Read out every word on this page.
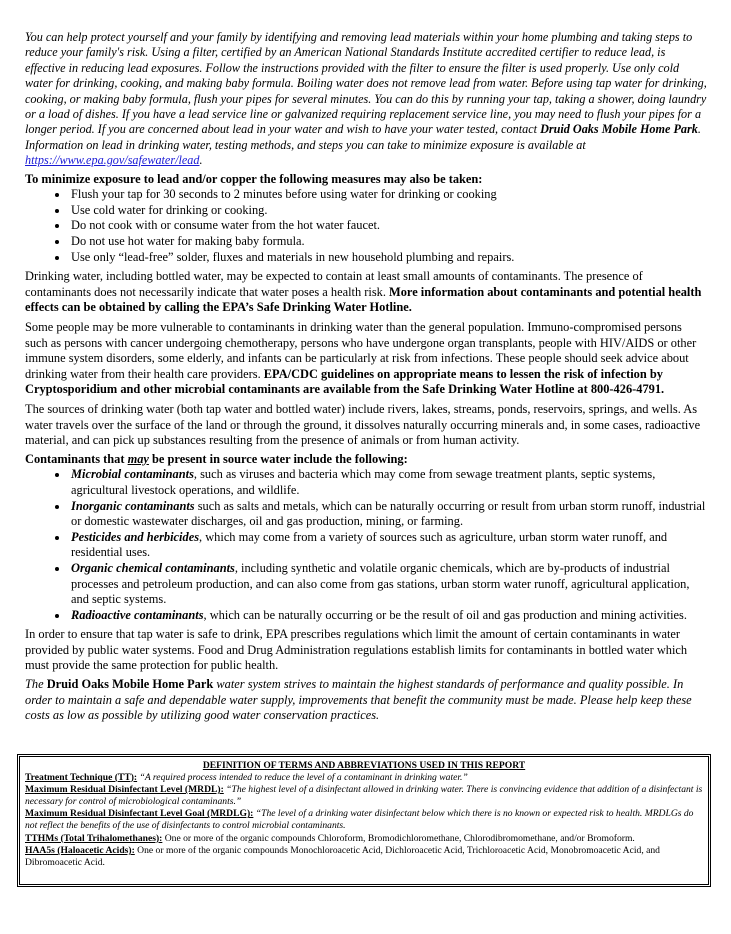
You can help protect yourself and your family by identifying and removing lead materials within your home plumbing and taking steps to reduce your family's risk. Using a filter, certified by an American National Standards Institute accredited certifier to reduce lead, is effective in reducing lead exposures. Follow the instructions provided with the filter to ensure the filter is used properly. Use only cold water for drinking, cooking, and making baby formula. Boiling water does not remove lead from water. Before using tap water for drinking, cooking, or making baby formula, flush your pipes for several minutes. You can do this by running your tap, taking a shower, doing laundry or a load of dishes. If you have a lead service line or galvanized requiring replacement service line, you may need to flush your pipes for a longer period. If you are concerned about lead in your water and wish to have your water tested, contact Druid Oaks Mobile Home Park. Information on lead in drinking water, testing methods, and steps you can take to minimize exposure is available at https://www.epa.gov/safewater/lead.

To minimize exposure to lead and/or copper the following measures may also be taken:

• Flush your tap for 30 seconds to 2 minutes before using water for drinking or cooking
• Use cold water for drinking or cooking.
• Do not cook with or consume water from the hot water faucet.
• Do not use hot water for making baby formula.
• Use only “lead-free” solder, fluxes and materials in new household plumbing and repairs.

Drinking water, including bottled water, may be expected to contain at least small amounts of contaminants. The presence of contaminants does not necessarily indicate that water poses a health risk. More information about contaminants and potential health effects can be obtained by calling the EPA’s Safe Drinking Water Hotline.

Some people may be more vulnerable to contaminants in drinking water than the general population. Immuno-compromised persons such as persons with cancer undergoing chemotherapy, persons who have undergone organ transplants, people with HIV/AIDS or other immune system disorders, some elderly, and infants can be particularly at risk from infections. These people should seek advice about drinking water from their health care providers. EPA/CDC guidelines on appropriate means to lessen the risk of infection by Cryptosporidium and other microbial contaminants are available from the Safe Drinking Water Hotline at 800-426-4791.

The sources of drinking water (both tap water and bottled water) include rivers, lakes, streams, ponds, reservoirs, springs, and wells. As water travels over the surface of the land or through the ground, it dissolves naturally occurring minerals and, in some cases, radioactive material, and can pick up substances resulting from the presence of animals or from human activity.

Contaminants that may be present in source water include the following:

• Microbial contaminants, such as viruses and bacteria which may come from sewage treatment plants, septic systems, agricultural livestock operations, and wildlife.
• Inorganic contaminants such as salts and metals, which can be naturally occurring or result from urban storm runoff, industrial or domestic wastewater discharges, oil and gas production, mining, or farming.
• Pesticides and herbicides, which may come from a variety of sources such as agriculture, urban storm water runoff, and residential uses.
• Organic chemical contaminants, including synthetic and volatile organic chemicals, which are by-products of industrial processes and petroleum production, and can also come from gas stations, urban storm water runoff, agricultural application, and septic systems.
• Radioactive contaminants, which can be naturally occurring or be the result of oil and gas production and mining activities.

In order to ensure that tap water is safe to drink, EPA prescribes regulations which limit the amount of certain contaminants in water provided by public water systems. Food and Drug Administration regulations establish limits for contaminants in bottled water which must provide the same protection for public health.

The Druid Oaks Mobile Home Park water system strives to maintain the highest standards of performance and quality possible. In order to maintain a safe and dependable water supply, improvements that benefit the community must be made. Please help keep these costs as low as possible by utilizing good water conservation practices.

DEFINITION OF TERMS AND ABBREVIATIONS USED IN THIS REPORT

Treatment Technique (TT): “A required process intended to reduce the level of a contaminant in drinking water.”

Maximum Residual Disinfectant Level (MRDL): “The highest level of a disinfectant allowed in drinking water. There is convincing evidence that addition of a disinfectant is necessary for control of microbiological contaminants.”

Maximum Residual Disinfectant Level Goal (MRDLG): “The level of a drinking water disinfectant below which there is no known or expected risk to health. MRDLGs do not reflect the benefits of the use of disinfectants to control microbial contaminants.

TTHMs (Total Trihalomethanes): One or more of the organic compounds Chloroform, Bromodichloromethane, Chlorodibromomethane, and/or Bromoform.

HAA5s (Haloacetic Acids): One or more of the organic compounds Monochloroacetic Acid, Dichloroacetic Acid, Trichloroacetic Acid, Monobromoacetic Acid, and Dibromoacetic Acid.
